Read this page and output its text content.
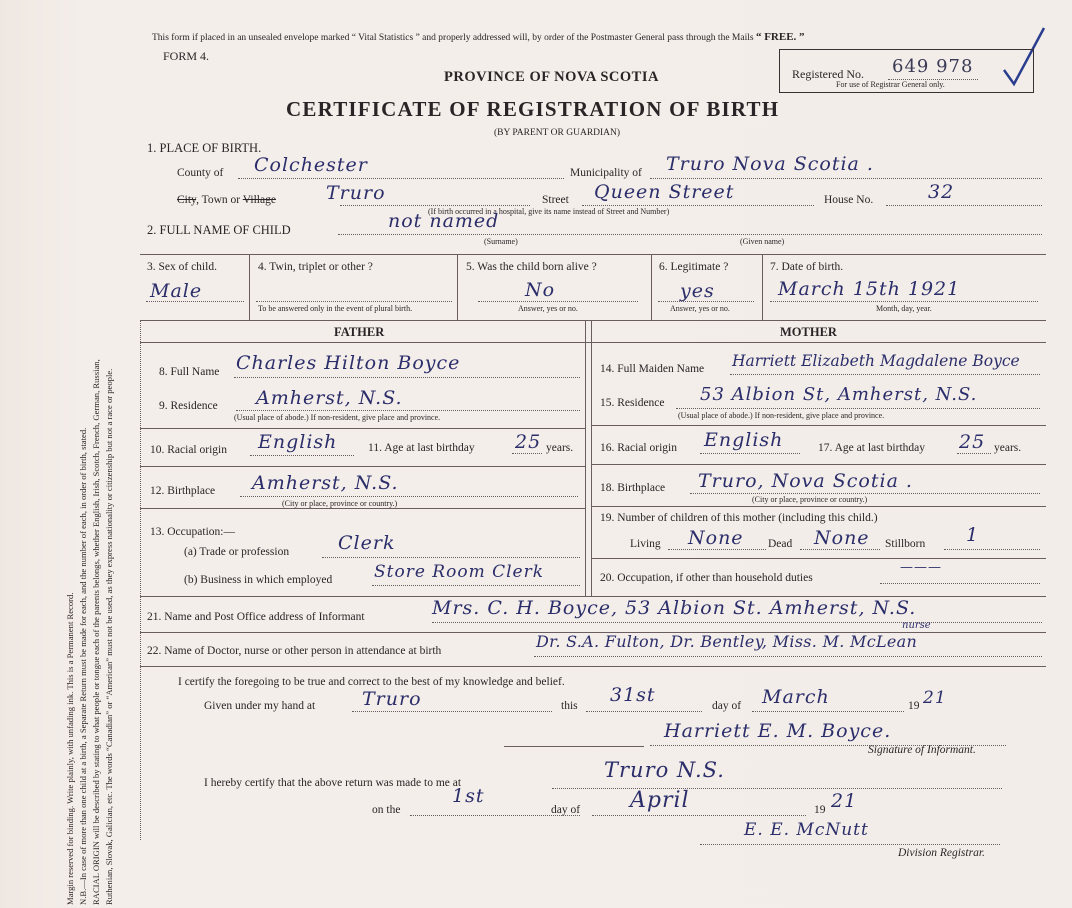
Margin reserved for binding. Write plainly, with unfading ink. This is a Permanent Record. N.B.—In case of more than one child at a birth, a Separate Return must be made for each, and the number of each, in order of birth, stated. RACIAL ORIGIN will be described by stating to what people or tongue each of the parents belongs, whether English, Irish, Scotch, French, German, Russian, Ruthenian, Slovak, Galician, etc. The words “Canadian” or “American” must not be used, as they express nationality or citizenship but not a race or people.
This form if placed in an unsealed envelope marked “ Vital Statistics ” and properly addressed will, by order of the Postmaster General pass through the Mails “ FREE. ”
FORM 4.
Registered No. 649 978
For use of Registrar General only.
PROVINCE OF NOVA SCOTIA
CERTIFICATE OF REGISTRATION OF BIRTH
(BY PARENT OR GUARDIAN)
1. PLACE OF BIRTH.
County of Colchester	Municipality of Truro Nova Scotia .
City, Town or Village	Truro	Street Queen Street	House No.	32
(If birth occurred in a hospital, give its name instead of Street and Number)
2. FULL NAME OF CHILD	not named
(Surname)	(Given name)
3. Sex of child.
Male
4. Twin, triplet or other ?
To be answered only in the event of plural birth.
5. Was the child born alive ?
No
Answer, yes or no.
6. Legitimate ?
yes
Answer, yes or no.
7. Date of birth.
March 15th 1921
Month, day, year.
FATHER	MOTHER
8. Full Name Charles Hilton Boyce
9. Residence Amherst, N.S.
(Usual place of abode.) If non-resident, give place and province.
10. Racial origin English	11. Age at last birthday 25 years.
12. Birthplace Amherst, N.S.
(City or place, province or country.)
13. Occupation:—
(a) Trade or profession	Clerk
(b) Business in which employed Store Room Clerk
14. Full Maiden Name Harriett Elizabeth Magdalene Boyce
15. Residence 53 Albion St, Amherst, N.S.
(Usual place of abode.) If non-resident, give place and province.
16. Racial origin English	17. Age at last birthday 25 years.
18. Birthplace Truro, Nova Scotia .
(City or place, province or country.)
19. Number of children of this mother (including this child.)
Living None Dead None Stillborn 1
20. Occupation, if other than household duties
———
21. Name and Post Office address of Informant	Mrs. C. H. Boyce, 53 Albion St. Amherst, N.S.
22. Name of Doctor, nurse or other person in attendance at birth	Dr. S.A. Fulton, Dr. Bentley, Miss. M. McLean
nurse
I certify the foregoing to be true and correct to the best of my knowledge and belief.
Given under my hand at Truro	this 31st	day of March	19 21
Harriett E. M. Boyce.
Signature of Informant.
I hereby certify that the above return was made to me at
Truro N.S.
on the
1st
day of April	19 21
E. E. McNutt
Division Registrar.
